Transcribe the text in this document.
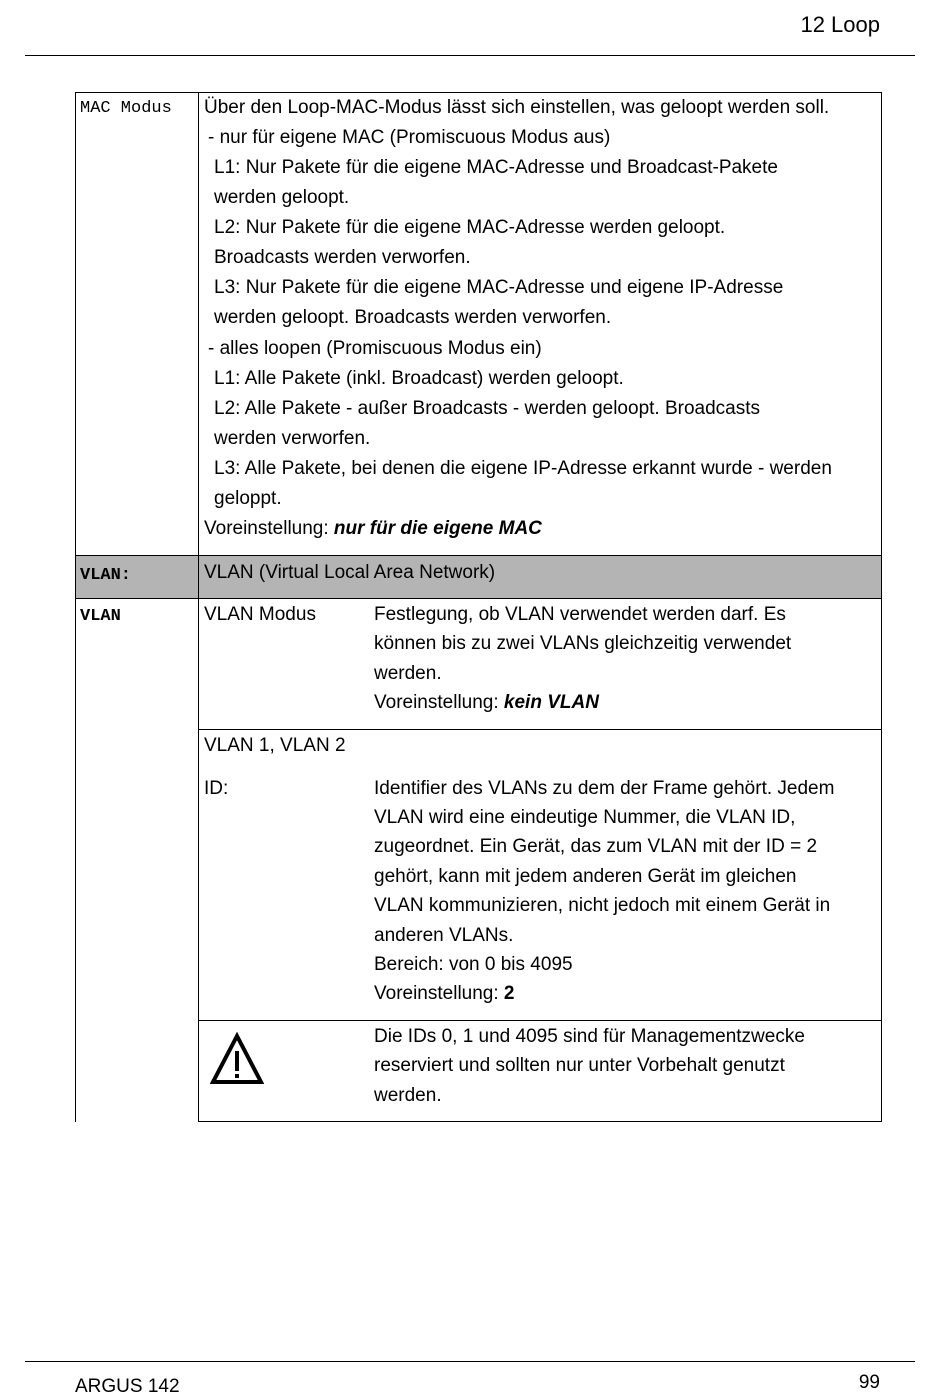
12 Loop
ARGUS 142	99
MAC Modus Über den Loop-MAC-Modus lässt sich einstellen, was geloopt werden soll.
- nur für eigene MAC (Promiscuous Modus aus)
L1: Nur Pakete für die eigene MAC-Adresse und Broadcast-Pakete
werden geloopt.
L2: Nur Pakete für die eigene MAC-Adresse werden geloopt.
Broadcasts werden verworfen.
L3: Nur Pakete für die eigene MAC-Adresse und eigene IP-Adresse
werden geloopt. Broadcasts werden verworfen.
- alles loopen (Promiscuous Modus ein)
L1: Alle Pakete (inkl. Broadcast) werden geloopt.
L2: Alle Pakete - außer Broadcasts - werden geloopt. Broadcasts
werden verworfen.
L3: Alle Pakete, bei denen die eigene IP-Adresse erkannt wurde - werden
geloppt.
Voreinstellung: nur für die eigene MAC
VLAN:	VLAN (Virtual Local Area Network)
VLAN	VLAN Modus	Festlegung, ob VLAN verwendet werden darf. Es
können bis zu zwei VLANs gleichzeitig verwendet
werden.
Voreinstellung: kein VLAN
VLAN 1, VLAN 2
ID:	Identifier des VLANs zu dem der Frame gehört. Jedem
VLAN wird eine eindeutige Nummer, die VLAN ID,
zugeordnet. Ein Gerät, das zum VLAN mit der ID = 2
gehört, kann mit jedem anderen Gerät im gleichen
VLAN kommunizieren, nicht jedoch mit einem Gerät in
anderen VLANs.
Bereich: von 0 bis 4095
Voreinstellung: 2
Die IDs 0, 1 und 4095 sind für Managementzwecke
reserviert und sollten nur unter Vorbehalt genutzt
werden.
